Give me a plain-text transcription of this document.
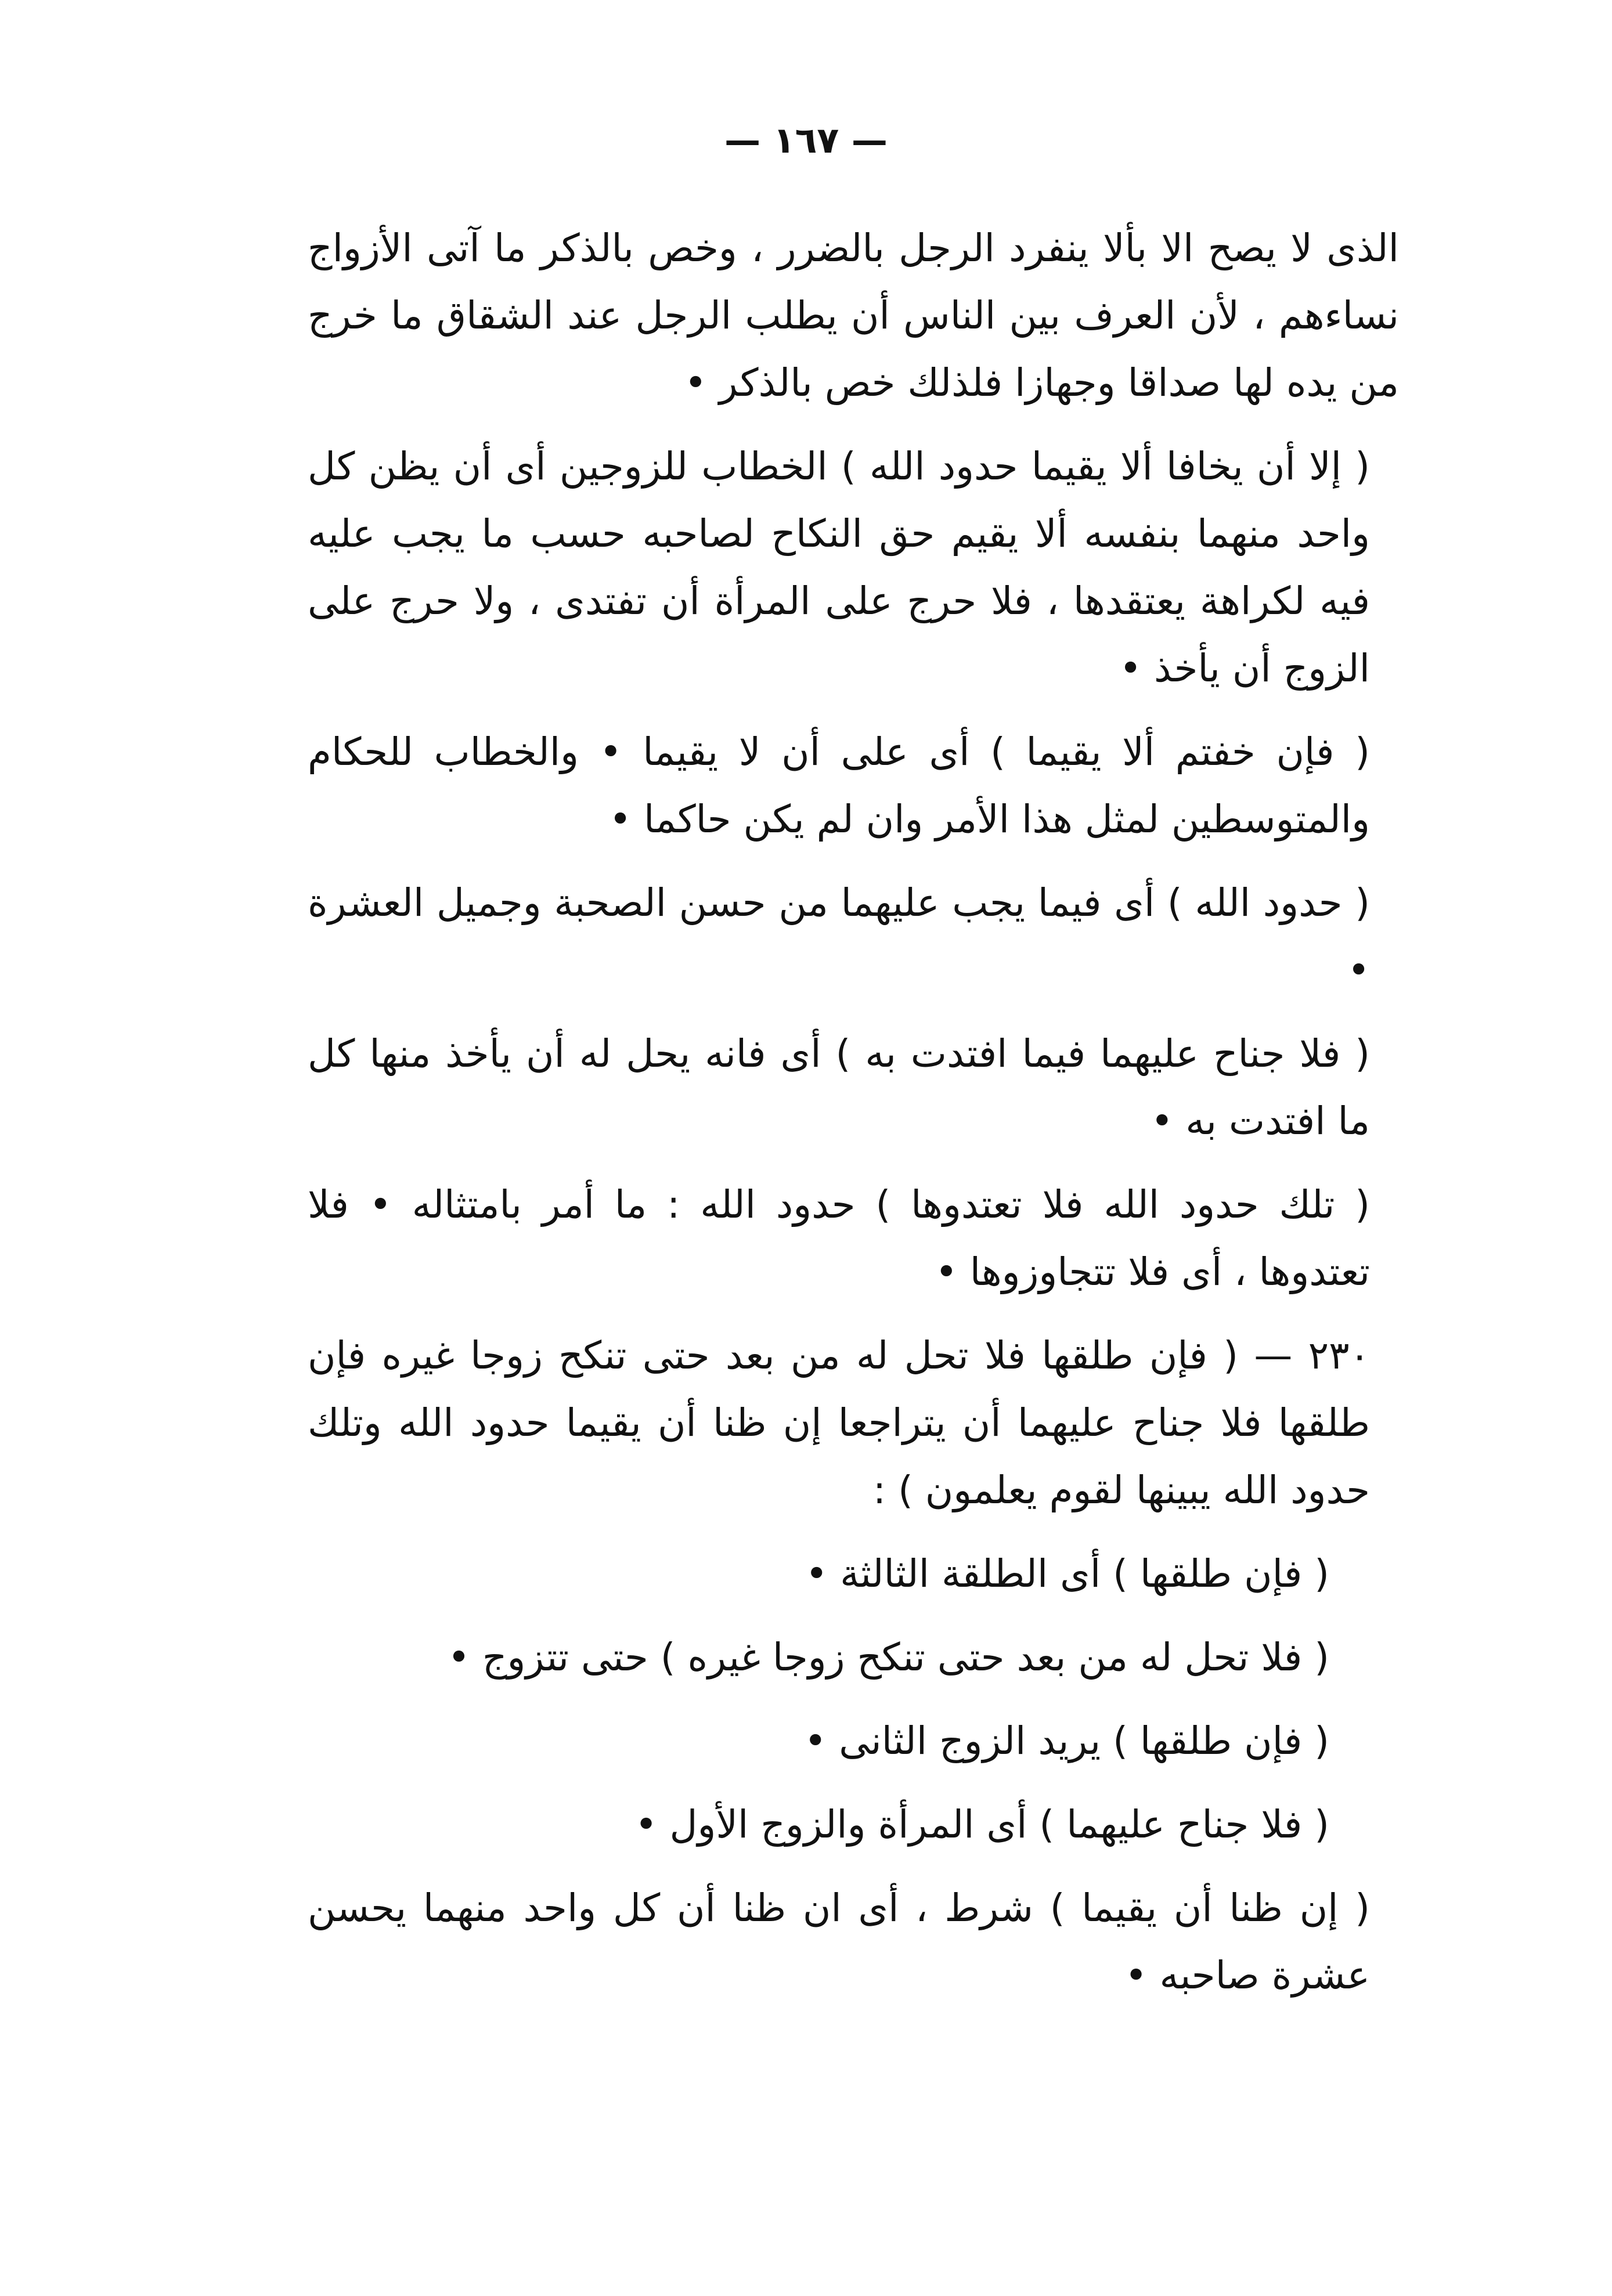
— ١٦٧ —

الذى لا يصح الا بألا ينفرد الرجل بالضرر ، وخص بالذكر ما آتى الأزواج نساءهم ، لأن العرف بين الناس أن يطلب الرجل عند الشقاق ما خرج من يده لها صداقا وجهازا فلذلك خص بالذكر •

( إلا أن يخافا ألا يقيما حدود الله ) الخطاب للزوجين أى أن يظن كل واحد منهما بنفسه ألا يقيم حق النكاح لصاحبه حسب ما يجب عليه فيه لكراهة يعتقدها ، فلا حرج على المرأة أن تفتدى ، ولا حرج على الزوج أن يأخذ •

( فإن خفتم ألا يقيما ) أى على أن لا يقيما • والخطاب للحكام والمتوسطين لمثل هذا الأمر وان لم يكن حاكما •

( حدود الله ) أى فيما يجب عليهما من حسن الصحبة وجميل العشرة •

( فلا جناح عليهما فيما افتدت به ) أى فانه يحل له أن يأخذ منها كل ما افتدت به •

( تلك حدود الله فلا تعتدوها ) حدود الله : ما أمر بامتثاله • فلا تعتدوها ، أى فلا تتجاوزوها •

٢٣٠ — ( فإن طلقها فلا تحل له من بعد حتى تنكح زوجا غيره فإن طلقها فلا جناح عليهما أن يتراجعا إن ظنا أن يقيما حدود الله وتلك حدود الله يبينها لقوم يعلمون ) :

( فإن طلقها ) أى الطلقة الثالثة •

( فلا تحل له من بعد حتى تنكح زوجا غيره ) حتى تتزوج •

( فإن طلقها ) يريد الزوج الثانى •

( فلا جناح عليهما ) أى المرأة والزوج الأول •

( إن ظنا أن يقيما ) شرط ، أى ان ظنا أن كل واحد منهما يحسن عشرة صاحبه •
